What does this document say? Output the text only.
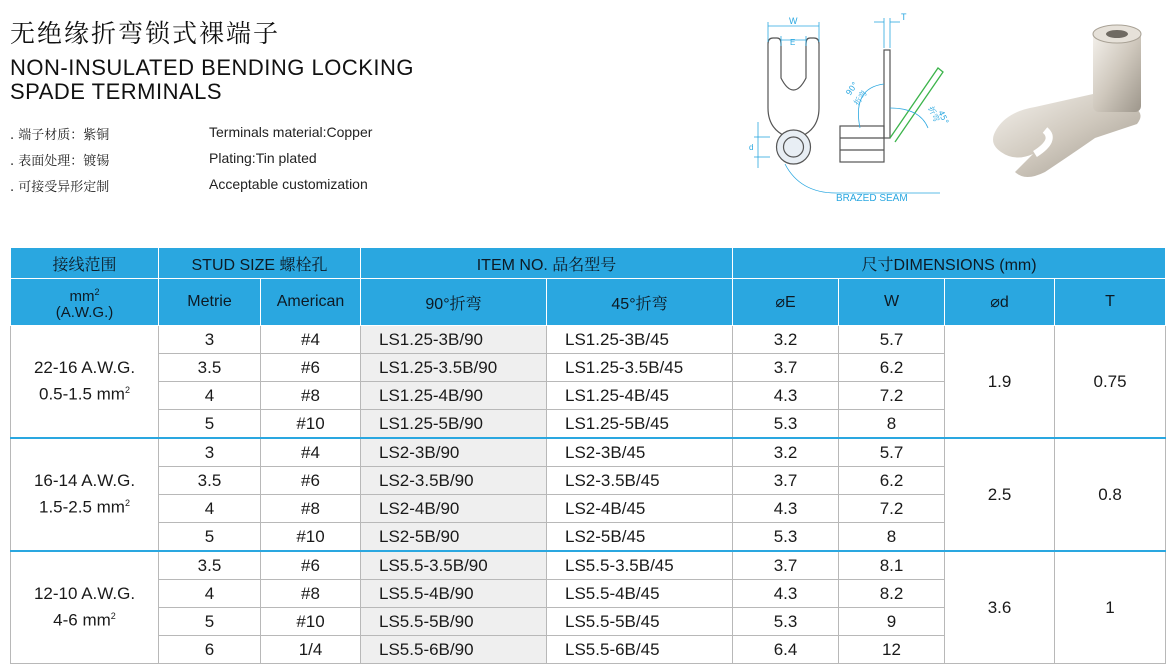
无绝缘折弯锁式裸端子
NON-INSULATED BENDING LOCKING
SPADE TERMINALS
. 端子材质：紫铜	Terminals material:Copper
. 表面处理：镀锡	Plating:Tin plated
. 可接受异形定制	Acceptable customization
W
E
d
BRAZED SEAM
T
90°
折弯
45°
折弯
接线范围	STUD SIZE 螺栓孔		ITEM NO. 品名型号		尺寸DIMENSIONS (mm)			

$mm^2$
(A.W.G.)	Metrie	American	90°折弯	45°折弯	⌀E	W	⌀d	T

22-16 A.W.G.
0.5-1.5 $mm^2$	3	#4	LS1.25-3B/90	LS1.25-3B/45	3.2	5.7	1.9	0.75
	3.5	#6	LS1.25-3.5B/90	LS1.25-3.5B/45	3.7	6.2		
	4	#8	LS1.25-4B/90	LS1.25-4B/45	4.3	7.2		
	5	#10	LS1.25-5B/90	LS1.25-5B/45	5.3	8		

16-14 A.W.G.
1.5-2.5 $mm^2$	3	#4	LS2-3B/90	LS2-3B/45	3.2	5.7	2.5	0.8
	3.5	#6	LS2-3.5B/90	LS2-3.5B/45	3.7	6.2		
	4	#8	LS2-4B/90	LS2-4B/45	4.3	7.2		
	5	#10	LS2-5B/90	LS2-5B/45	5.3	8		

12-10 A.W.G.
4-6 $mm^2$	3.5	#6	LS5.5-3.5B/90	LS5.5-3.5B/45	3.7	8.1	3.6	1
	4	#8	LS5.5-4B/90	LS5.5-4B/45	4.3	8.2		
	5	#10	LS5.5-5B/90	LS5.5-5B/45	5.3	9		
	6	1/4	LS5.5-6B/90	LS5.5-6B/45	6.4	12		
